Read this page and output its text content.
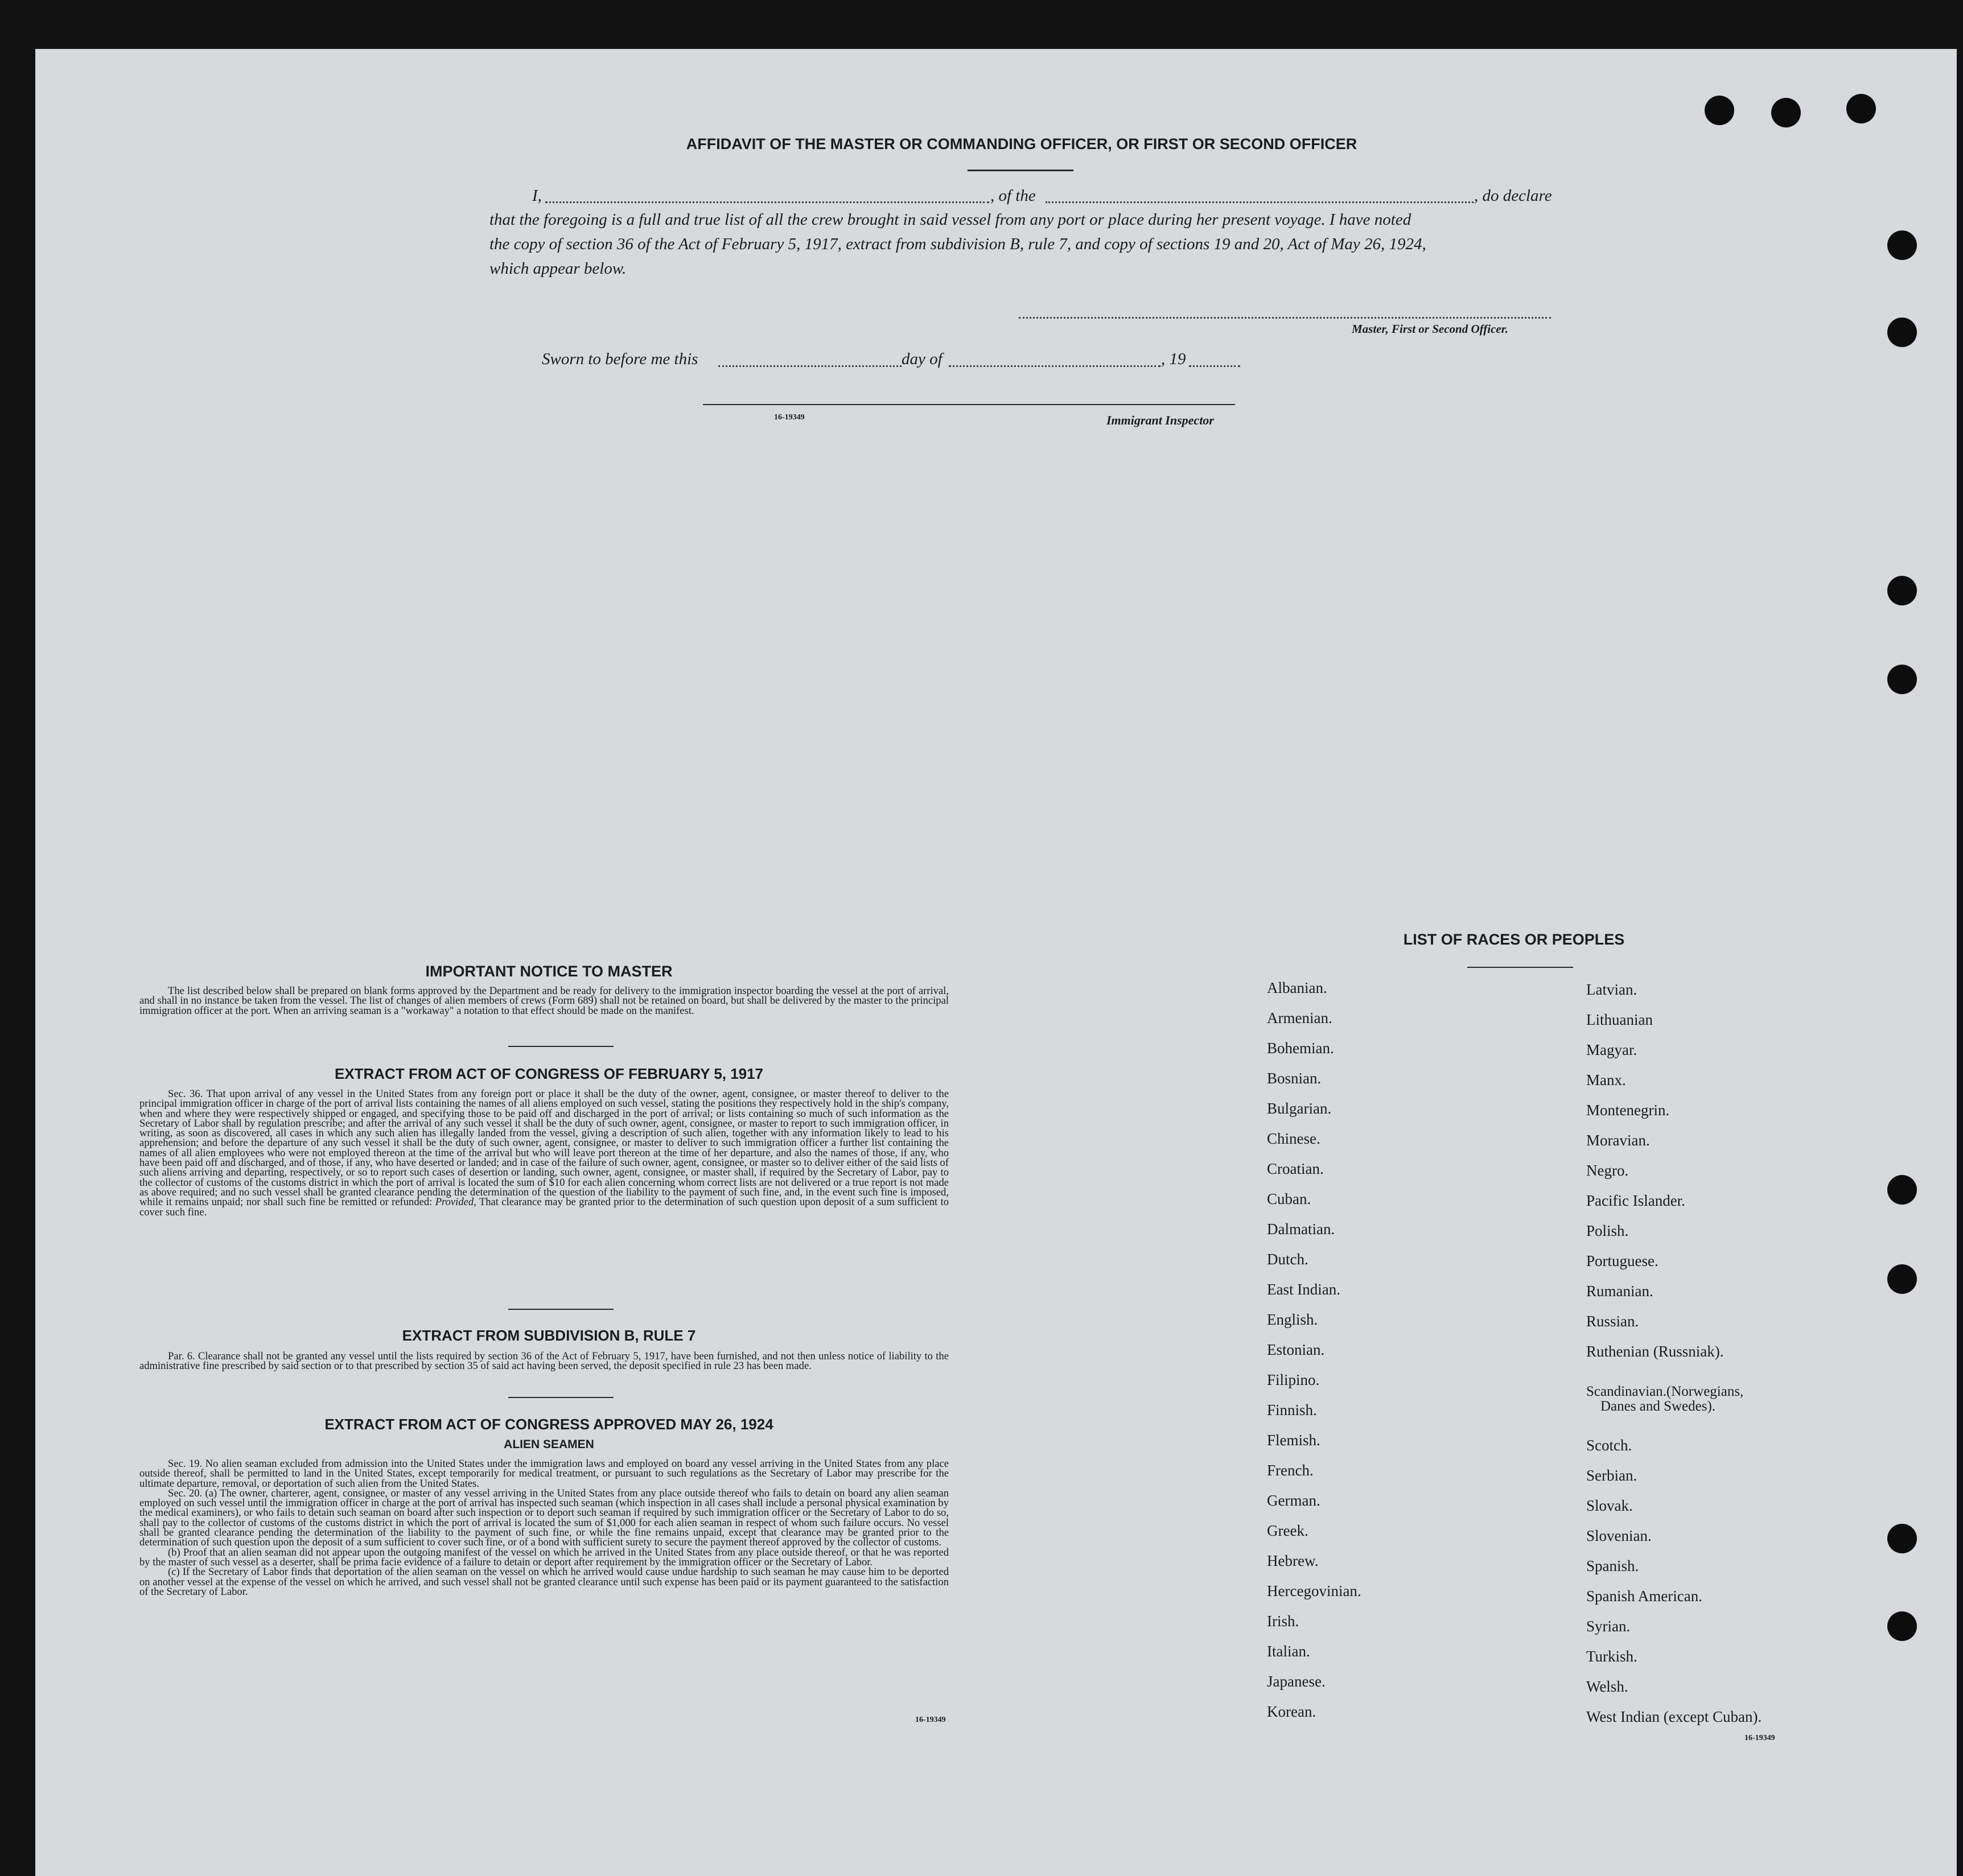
AFFIDAVIT OF THE MASTER OR COMMANDING OFFICER, OR FIRST OR SECOND OFFICER
I,	, of the	, do declare
that the foregoing is a full and true list of all the crew brought in said vessel from any port or place during her present voyage. I have noted
the copy of section 36 of the Act of February 5, 1917, extract from subdivision B, rule 7, and copy of sections 19 and 20, Act of May 26, 1924,
which appear below.
Master, First or Second Officer.
Sworn to before me this	day of	, 19
16-19349	Immigrant Inspector
IMPORTANT NOTICE TO MASTER

The list described below shall be prepared on blank forms approved by the Department and be ready for delivery to the immigration inspector boarding the vessel at the port of arrival, and shall in no instance be taken from the vessel. The list of changes of alien members of crews (Form 689) shall not be retained on board, but shall be delivered by the master to the principal immigration officer at the port. When an arriving seaman is a "workaway" a notation to that effect should be made on the manifest.

EXTRACT FROM ACT OF CONGRESS OF FEBRUARY 5, 1917

Sec. 36. That upon arrival of any vessel in the United States from any foreign port or place it shall be the duty of the owner, agent, consignee, or master thereof to deliver to the principal immigration officer in charge of the port of arrival lists containing the names of all aliens employed on such vessel, stating the positions they respectively hold in the ship's company, when and where they were respectively shipped or engaged, and specifying those to be paid off and discharged in the port of arrival; or lists containing so much of such information as the Secretary of Labor shall by regulation prescribe; and after the arrival of any such vessel it shall be the duty of such owner, agent, consignee, or master to report to such immigration officer, in writing, as soon as discovered, all cases in which any such alien has illegally landed from the vessel, giving a description of such alien, together with any information likely to lead to his apprehension; and before the departure of any such vessel it shall be the duty of such owner, agent, consignee, or master to deliver to such immigration officer a further list containing the names of all alien employees who were not employed thereon at the time of the arrival but who will leave port thereon at the time of her departure, and also the names of those, if any, who have been paid off and discharged, and of those, if any, who have deserted or landed; and in case of the failure of such owner, agent, consignee, or master so to deliver either of the said lists of such aliens arriving and departing, respectively, or so to report such cases of desertion or landing, such owner, agent, consignee, or master shall, if required by the Secretary of Labor, pay to the collector of customs of the customs district in which the port of arrival is located the sum of $10 for each alien concerning whom correct lists are not delivered or a true report is not made as above required; and no such vessel shall be granted clearance pending the determination of the question of the liability to the payment of such fine, and, in the event such fine is imposed, while it remains unpaid; nor shall such fine be remitted or refunded: Provided, That clearance may be granted prior to the determination of such question upon deposit of a sum sufficient to cover such fine.

EXTRACT FROM SUBDIVISION B, RULE 7

Par. 6. Clearance shall not be granted any vessel until the lists required by section 36 of the Act of February 5, 1917, have been furnished, and not then unless notice of liability to the administrative fine prescribed by said section or to that prescribed by section 35 of said act having been served, the deposit specified in rule 23 has been made.

EXTRACT FROM ACT OF CONGRESS APPROVED MAY 26, 1924
ALIEN SEAMEN

Sec. 19. No alien seaman excluded from admission into the United States under the immigration laws and employed on board any vessel arriving in the United States from any place outside thereof, shall be permitted to land in the United States, except temporarily for medical treatment, or pursuant to such regulations as the Secretary of Labor may prescribe for the ultimate departure, removal, or deportation of such alien from the United States.

Sec. 20. (a) The owner, charterer, agent, consignee, or master of any vessel arriving in the United States from any place outside thereof who fails to detain on board any alien seaman employed on such vessel until the immigration officer in charge at the port of arrival has inspected such seaman (which inspection in all cases shall include a personal physical examination by the medical examiners), or who fails to detain such seaman on board after such inspection or to deport such seaman if required by such immigration officer or the Secretary of Labor to do so, shall pay to the collector of customs of the customs district in which the port of arrival is located the sum of $1,000 for each alien seaman in respect of whom such failure occurs. No vessel shall be granted clearance pending the determination of the liability to the payment of such fine, or while the fine remains unpaid, except that clearance may be granted prior to the determination of such question upon the deposit of a sum sufficient to cover such fine, or of a bond with sufficient surety to secure the payment thereof approved by the collector of customs.

(b) Proof that an alien seaman did not appear upon the outgoing manifest of the vessel on which he arrived in the United States from any place outside thereof, or that he was reported by the master of such vessel as a deserter, shall be prima facie evidence of a failure to detain or deport after requirement by the immigration officer or the Secretary of Labor.

(c) If the Secretary of Labor finds that deportation of the alien seaman on the vessel on which he arrived would cause undue hardship to such seaman he may cause him to be deported on another vessel at the expense of the vessel on which he arrived, and such vessel shall not be granted clearance until such expense has been paid or its payment guaranteed to the satisfaction of the Secretary of Labor.

16-19349
LIST OF RACES OR PEOPLES
Albanian.
Armenian.
Bohemian.
Bosnian.
Bulgarian.
Chinese.
Croatian.
Cuban.
Dalmatian.
Dutch.
East Indian.
English.
Estonian.
Filipino.
Finnish.
Flemish.
French.
German.
Greek.
Hebrew.
Hercegovinian.
Irish.
Italian.
Japanese.
Korean.
Latvian.
Lithuanian
Magyar.
Manx.
Montenegrin.
Moravian.
Negro.
Pacific Islander.
Polish.
Portuguese.
Rumanian.
Russian.
Ruthenian (Russniak).
Scandinavian.(Norwegians,
Danes and Swedes).
Scotch.
Serbian.
Slovak.
Slovenian.
Spanish.
Spanish American.
Syrian.
Turkish.
Welsh.
West Indian (except Cuban).
16-19349
